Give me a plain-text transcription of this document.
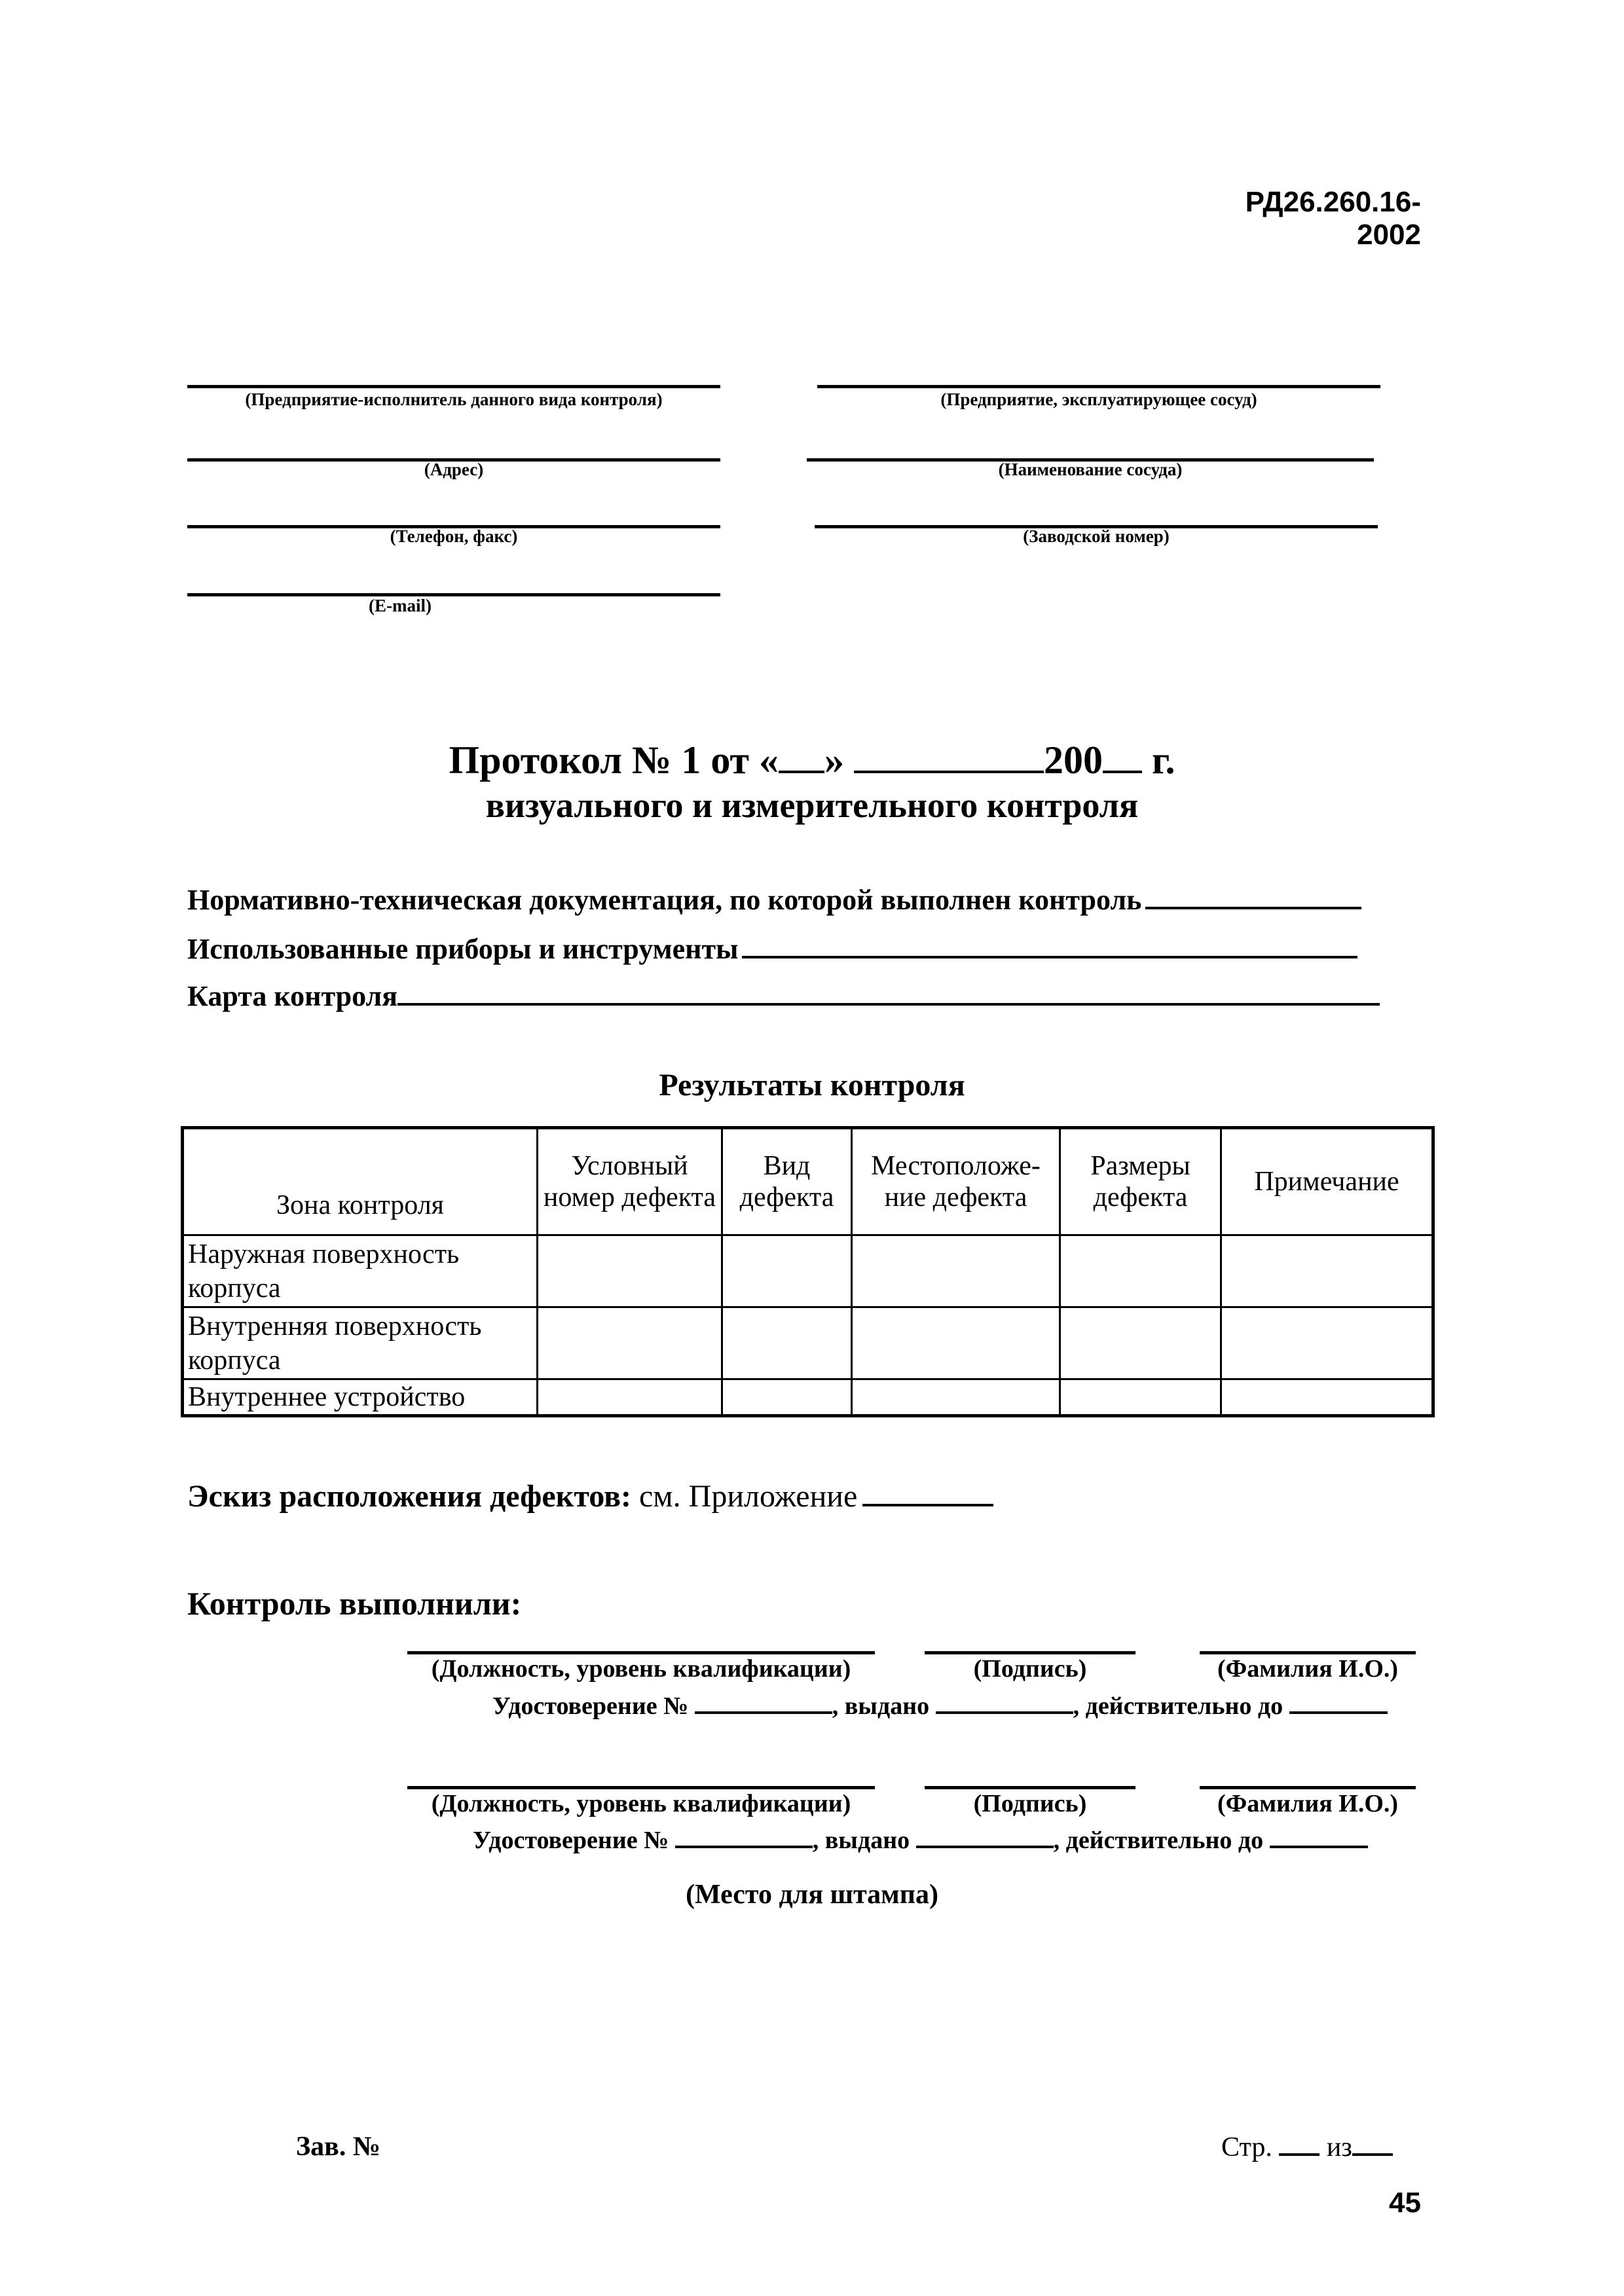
РД26.260.16-2002
(Предприятие-исполнитель данного вида контроля)
(Адрес)
(Телефон, факс)
(E-mail)
(Предприятие, эксплуатирующее сосуд)
(Наименование сосуда)
(Заводской номер)
Протокол № 1 от « »	200 г.
визуального и измерительного контроля
Нормативно-техническая документация, по которой выполнен контроль
Использованные приборы и инструменты
Карта контроля
Результаты контроля
Зона контроля	Условный номер дефекта	Вид дефекта	Местоположе-ние дефекта	Размеры дефекта	Примечание
Наружная поверхность корпуса					
Внутренняя поверхность корпуса					
Внутреннее устройство					
Эскиз расположения дефектов: см. Приложение
Контроль выполнили:
(Должность, уровень квалификации)	(Подпись)	(Фамилия И.О.)
Удостоверение №	, выдано	, действительно до
(Должность, уровень квалификации)	(Подпись)	(Фамилия И.О.)
Удостоверение №	, выдано	, действительно до
(Место для штампа)
Зав. №	Стр. из
45
